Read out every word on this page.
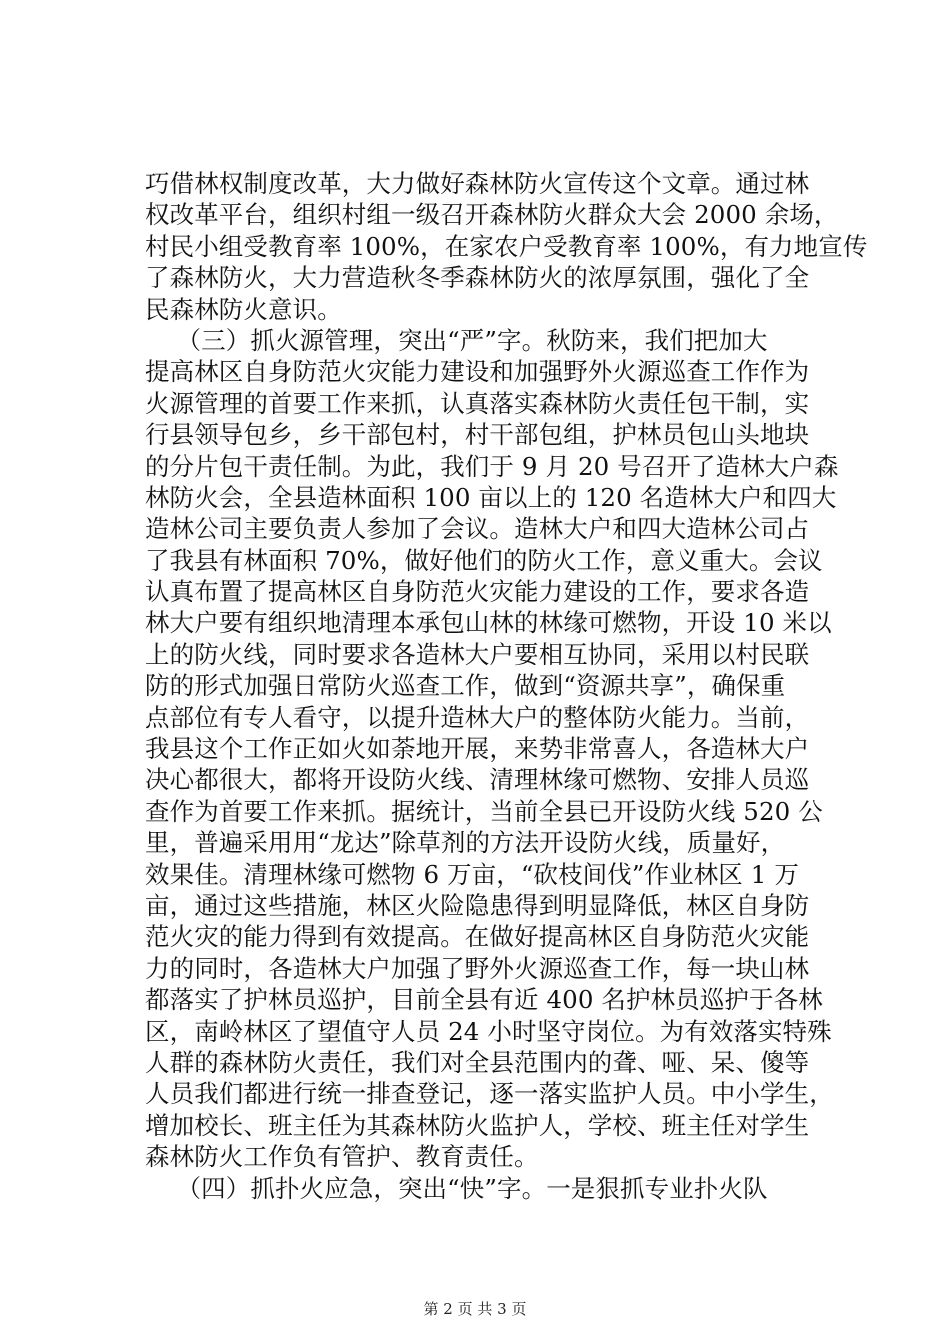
巧借林权制度改革，大力做好森林防火宣传这个文章。通过林
权改革平台，组织村组一级召开森林防火群众大会 2000 余场，
村民小组受教育率 100%，在家农户受教育率 100%，有力地宣传
了森林防火，大力营造秋冬季森林防火的浓厚氛围，强化了全
民森林防火意识。
（三）抓火源管理，突出“严”字。秋防来，我们把加大
提高林区自身防范火灾能力建设和加强野外火源巡查工作作为
火源管理的首要工作来抓，认真落实森林防火责任包干制，实
行县领导包乡，乡干部包村，村干部包组，护林员包山头地块
的分片包干责任制。为此，我们于 9 月 20 号召开了造林大户森
林防火会，全县造林面积 100 亩以上的 120 名造林大户和四大
造林公司主要负责人参加了会议。造林大户和四大造林公司占
了我县有林面积 70%，做好他们的防火工作，意义重大。会议
认真布置了提高林区自身防范火灾能力建设的工作，要求各造
林大户要有组织地清理本承包山林的林缘可燃物，开设 10 米以
上的防火线，同时要求各造林大户要相互协同，采用以村民联
防的形式加强日常防火巡查工作，做到“资源共享”，确保重
点部位有专人看守，以提升造林大户的整体防火能力。当前，
我县这个工作正如火如荼地开展，来势非常喜人，各造林大户
决心都很大，都将开设防火线、清理林缘可燃物、安排人员巡
查作为首要工作来抓。据统计，当前全县已开设防火线 520 公
里，普遍采用用“龙达”除草剂的方法开设防火线，质量好，
效果佳。清理林缘可燃物 6 万亩，“砍枝间伐”作业林区 1 万
亩，通过这些措施，林区火险隐患得到明显降低，林区自身防
范火灾的能力得到有效提高。在做好提高林区自身防范火灾能
力的同时，各造林大户加强了野外火源巡查工作，每一块山林
都落实了护林员巡护，目前全县有近 400 名护林员巡护于各林
区，南岭林区了望值守人员 24 小时坚守岗位。为有效落实特殊
人群的森林防火责任，我们对全县范围内的聋、哑、呆、傻等
人员我们都进行统一排查登记，逐一落实监护人员。中小学生，
增加校长、班主任为其森林防火监护人，学校、班主任对学生
森林防火工作负有管护、教育责任。
（四）抓扑火应急，突出“快”字。一是狠抓专业扑火队
第 2 页 共 3 页
